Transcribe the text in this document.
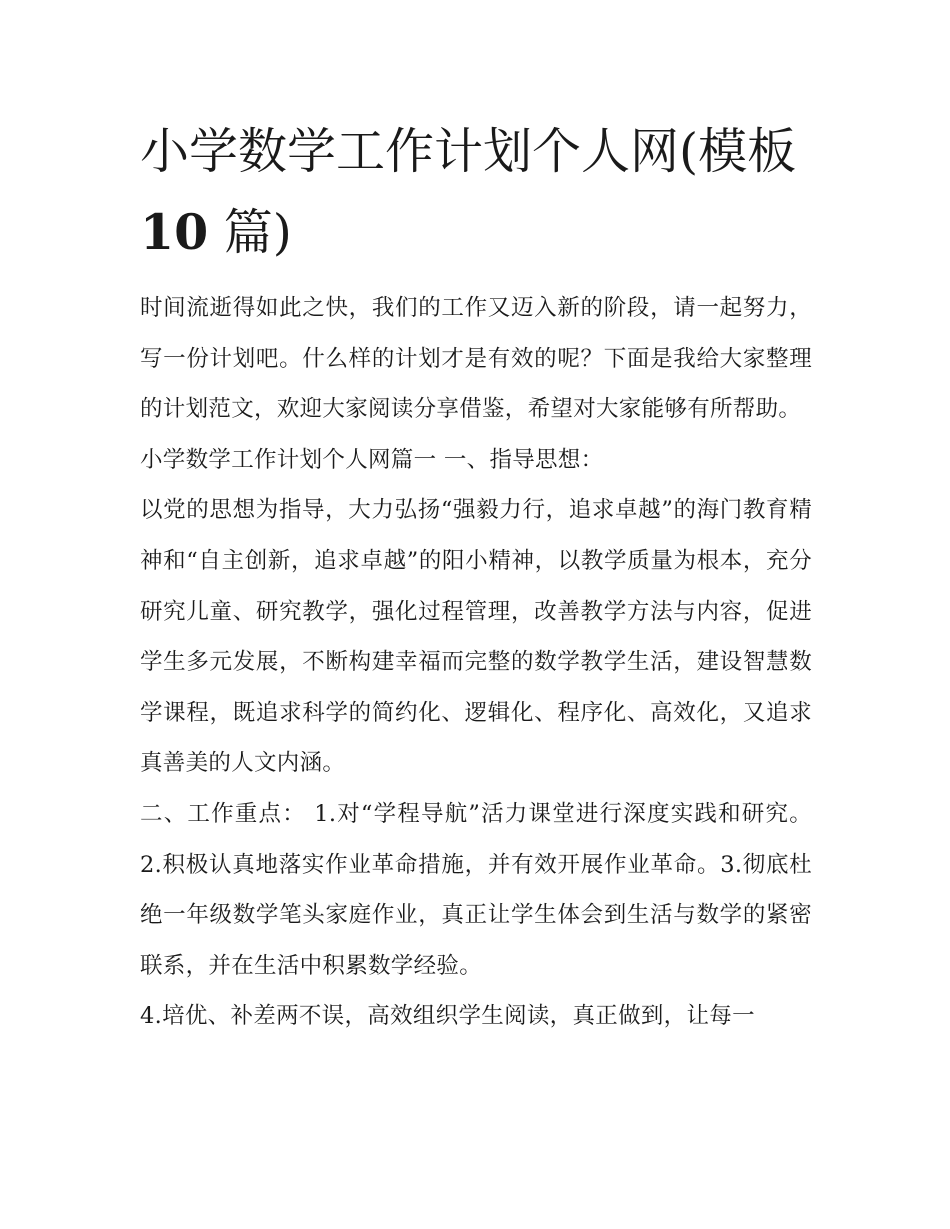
小学数学工作计划个人网(模板
10 篇)

时间流逝得如此之快，我们的工作又迈入新的阶段，请一起努力，写一份计划吧。什么样的计划才是有效的呢？下面是我给大家整理的计划范文，欢迎大家阅读分享借鉴，希望对大家能够有所帮助。

小学数学工作计划个人网篇一 一、指导思想：

以党的思想为指导，大力弘扬“强毅力行，追求卓越”的海门教育精神和“自主创新，追求卓越”的阳小精神，以教学质量为根本，充分研究儿童、研究教学，强化过程管理，改善教学方法与内容，促进学生多元发展，不断构建幸福而完整的数学教学生活，建设智慧数学课程，既追求科学的简约化、逻辑化、程序化、高效化，又追求真善美的人文内涵。

二、工作重点： 1.对“学程导航”活力课堂进行深度实践和研究。 2.积极认真地落实作业革命措施，并有效开展作业革命。3.彻底杜绝一年级数学笔头家庭作业，真正让学生体会到生活与数学的紧密联系，并在生活中积累数学经验。

4.培优、补差两不误，高效组织学生阅读，真正做到，让每一
